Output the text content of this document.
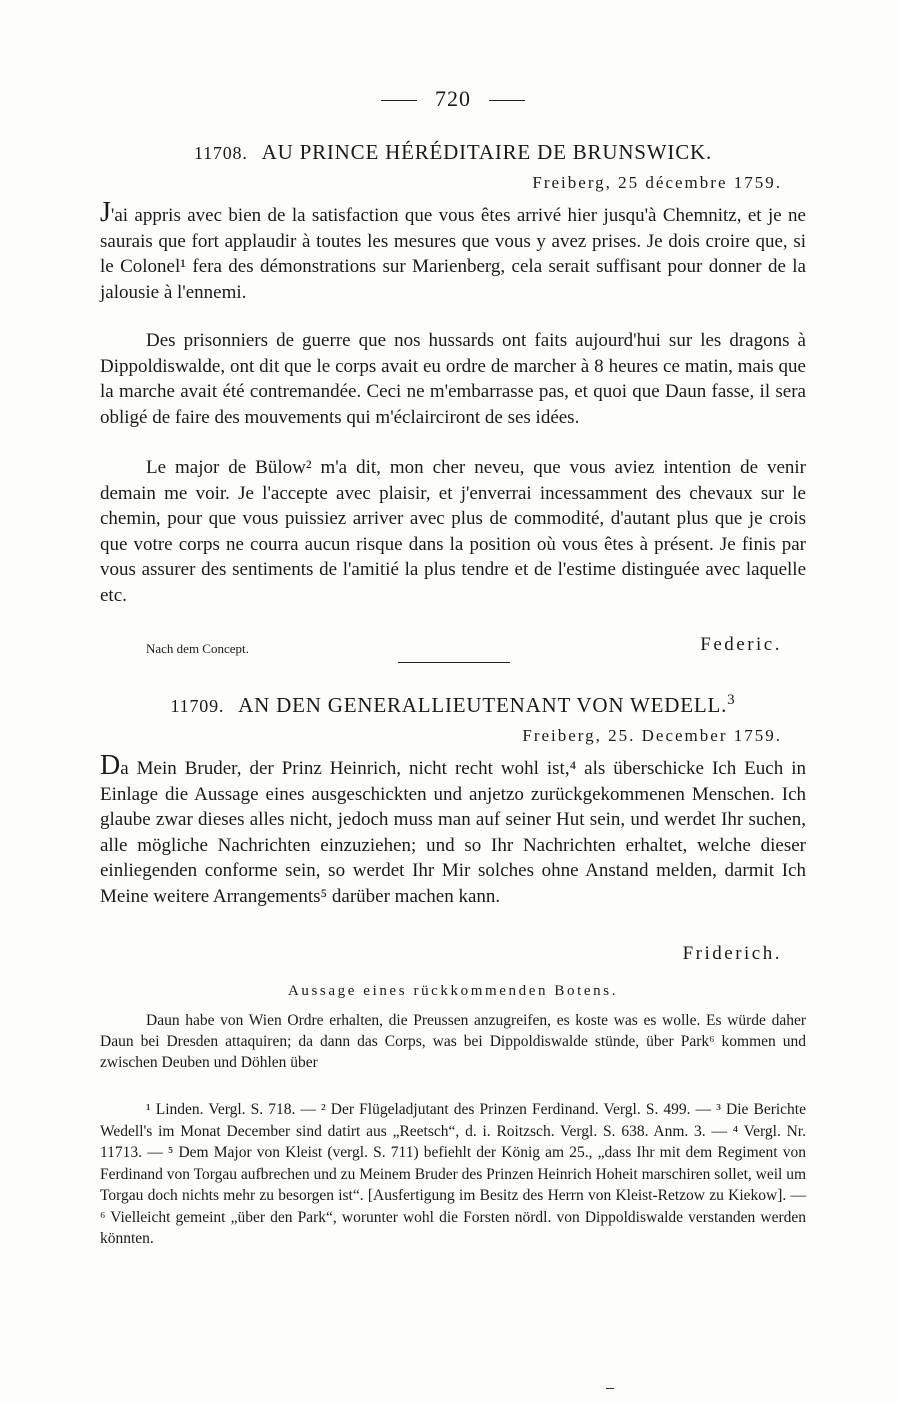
720
11708. AU PRINCE HÉRÉDITAIRE DE BRUNSWICK.
Freiberg, 25 décembre 1759.

J'ai appris avec bien de la satisfaction que vous êtes arrivé hier jusqu'à Chemnitz, et je ne saurais que fort applaudir à toutes les mesures que vous y avez prises. Je dois croire que, si le Colonel¹ fera des démonstrations sur Marienberg, cela serait suffisant pour donner de la jalousie à l'ennemi.

Des prisonniers de guerre que nos hussards ont faits aujourd'hui sur les dragons à Dippoldiswalde, ont dit que le corps avait eu ordre de marcher à 8 heures ce matin, mais que la marche avait été contremandée. Ceci ne m'embarrasse pas, et quoi que Daun fasse, il sera obligé de faire des mouvements qui m'éclairciront de ses idées.

Le major de Bülow² m'a dit, mon cher neveu, que vous aviez intention de venir demain me voir. Je l'accepte avec plaisir, et j'enverrai incessamment des chevaux sur le chemin, pour que vous puissiez arriver avec plus de commodité, d'autant plus que je crois que votre corps ne courra aucun risque dans la position où vous êtes à présent. Je finis par vous assurer des sentiments de l'amitié la plus tendre et de l'estime distinguée avec laquelle etc.

Nach dem Concept.	Federic.
11709. AN DEN GENERALLIEUTENANT VON WEDELL.$^3$
Freiberg, 25. December 1759.

Da Mein Bruder, der Prinz Heinrich, nicht recht wohl ist,⁴ als überschicke Ich Euch in Einlage die Aussage eines ausgeschickten und anjetzo zurückgekommenen Menschen. Ich glaube zwar dieses alles nicht, jedoch muss man auf seiner Hut sein, und werdet Ihr suchen, alle mögliche Nachrichten einzuziehen; und so Ihr Nachrichten erhaltet, welche dieser einliegenden conforme sein, so werdet Ihr Mir solches ohne Anstand melden, darmit Ich Meine weitere Arrangements⁵ darüber machen kann.

Friderich.
Aussage eines rückkommenden Botens.

Daun habe von Wien Ordre erhalten, die Preussen anzugreifen, es koste was es wolle. Es würde daher Daun bei Dresden attaquiren; da dann das Corps, was bei Dippoldiswalde stünde, über Park⁶ kommen und zwischen Deuben und Döhlen über

¹ Linden. Vergl. S. 718. — ² Der Flügeladjutant des Prinzen Ferdinand. Vergl. S. 499. — ³ Die Berichte Wedell's im Monat December sind datirt aus „Reetsch“, d. i. Roitzsch. Vergl. S. 638. Anm. 3. — ⁴ Vergl. Nr. 11713. — ⁵ Dem Major von Kleist (vergl. S. 711) befiehlt der König am 25., „dass Ihr mit dem Regiment von Ferdinand von Torgau aufbrechen und zu Meinem Bruder des Prinzen Heinrich Hoheit marschiren sollet, weil um Torgau doch nichts mehr zu besorgen ist“. [Ausfertigung im Besitz des Herrn von Kleist-Retzow zu Kiekow]. — ⁶ Vielleicht gemeint „über den Park“, worunter wohl die Forsten nördl. von Dippoldiswalde verstanden werden könnten.
